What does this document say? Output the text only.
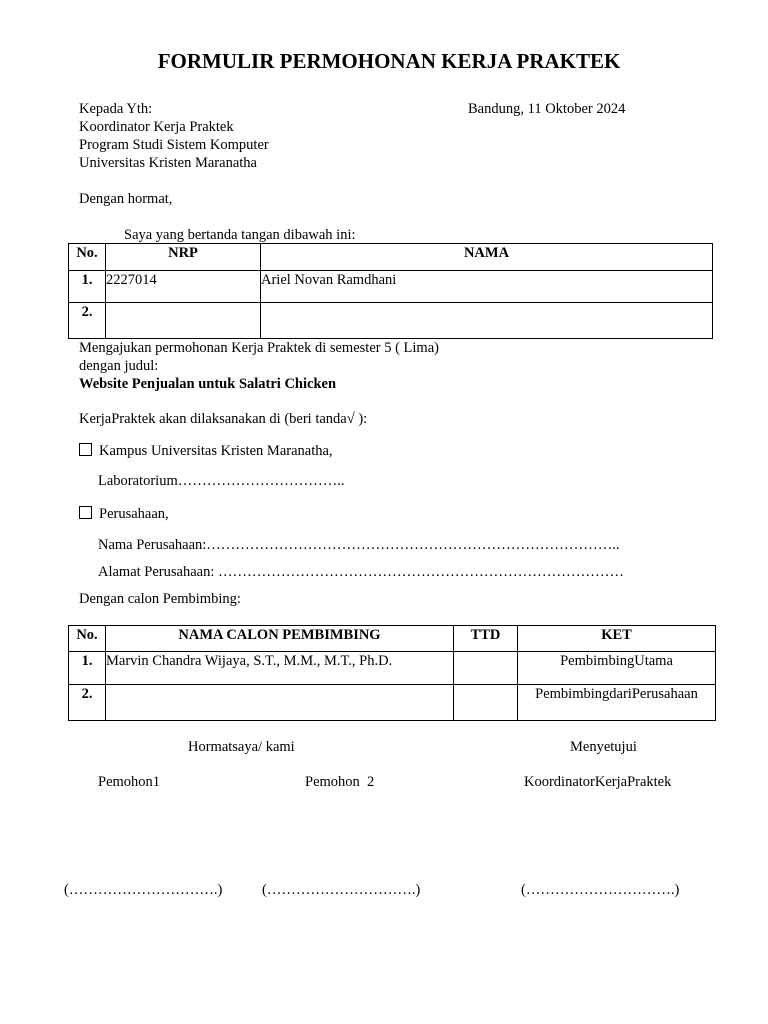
FORMULIR PERMOHONAN KERJA PRAKTEK
Kepada Yth:
Koordinator Kerja Praktek
Program Studi Sistem Komputer
Universitas Kristen Maranatha
Bandung, 11 Oktober 2024
Dengan hormat,
Saya yang bertanda tangan dibawah ini:
No.	NRP	NAMA
1.	2227014	Ariel Novan Ramdhani
2.		
Mengajukan permohonan Kerja Praktek di semester 5 ( Lima)
dengan judul:
Website Penjualan untuk Salatri Chicken
KerjaPraktek akan dilaksanakan di (beri tanda√ ):
Kampus Universitas Kristen Maranatha,
Laboratorium……………………………..
Perusahaan,
Nama Perusahaan:…………………………………………………………………………..
Alamat Perusahaan: …………………………………………………………………………
Dengan calon Pembimbing:
No.	NAMA CALON PEMBIMBING	TTD	KET
1.	Marvin Chandra Wijaya, S.T., M.M., M.T., Ph.D.		PembimbingUtama
2.			PembimbingdariPerusahaan
Hormatsaya/ kami	Menyetujui
Pemohon1	Pemohon  2	KoordinatorKerjaPraktek
(………………………….)	(………………………….)	(………………………….)
